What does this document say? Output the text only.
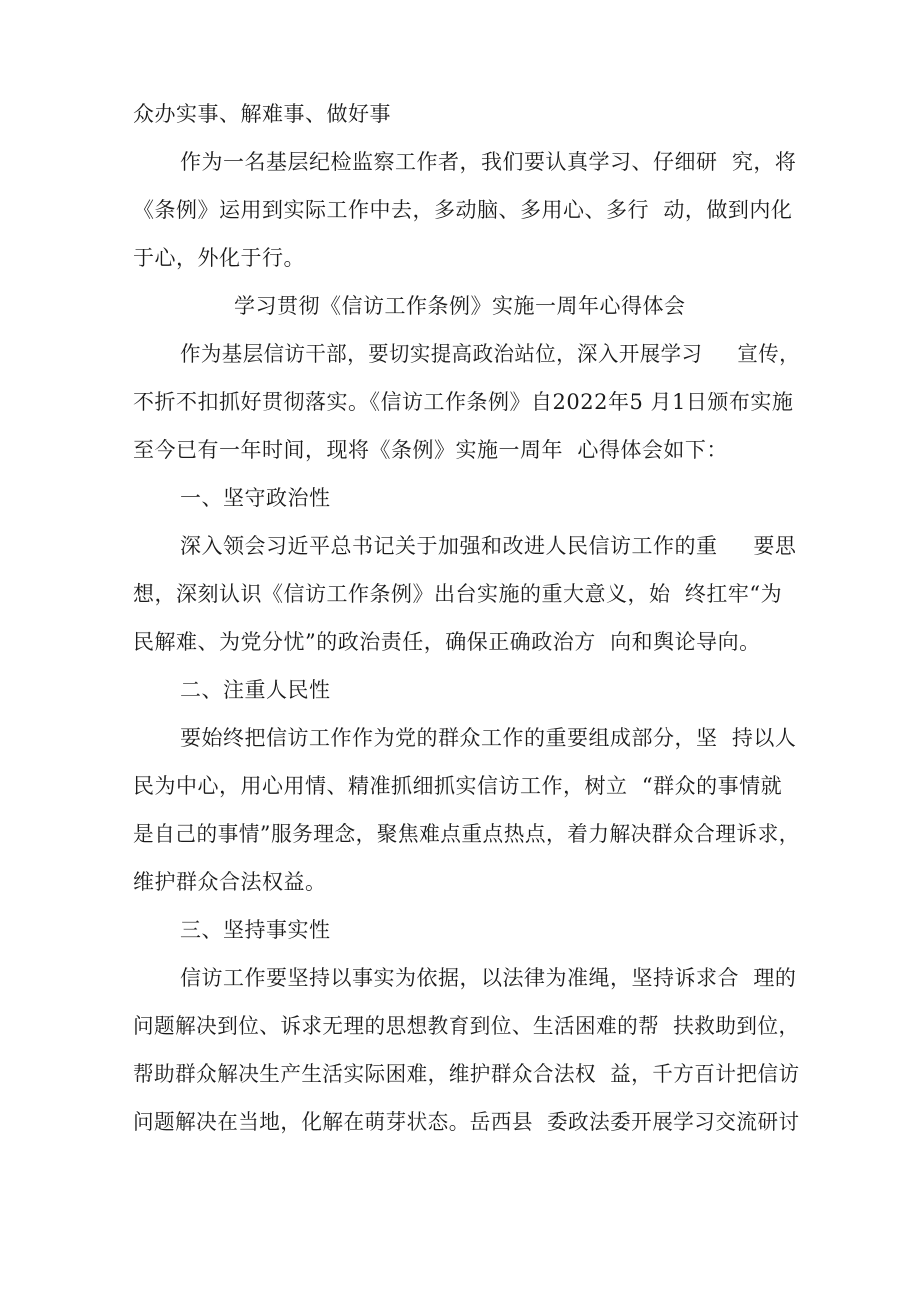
众办实事、解难事、做好事
作为一名基层纪检监察工作者，我们要认真学习、仔细研  究，将
《条例》运用到实际工作中去，多动脑、多用心、多行  动，做到内化
于心，外化于行。
学习贯彻《信访工作条例》实施一周年心得体会
作为基层信访干部，要切实提高政治站位，深入开展学习     宣传，
不折不扣抓好贯彻落实。《信访工作条例》自2022年5 月1日颁布实施
至今已有一年时间，现将《条例》实施一周年  心得体会如下：
一、坚守政治性
深入领会习近平总书记关于加强和改进人民信访工作的重     要思
想，深刻认识《信访工作条例》出台实施的重大意义，始  终扛牢“为
民解难、为党分忧”的政治责任，确保正确政治方  向和舆论导向。
二、注重人民性
要始终把信访工作作为党的群众工作的重要组成部分，坚  持以人
民为中心，用心用情、精准抓细抓实信访工作，树立  “群众的事情就
是自己的事情”服务理念，聚焦难点重点热点，着力解决群众合理诉求，
维护群众合法权益。
三、坚持事实性
信访工作要坚持以事实为依据，以法律为准绳，坚持诉求合  理的
问题解决到位、诉求无理的思想教育到位、生活困难的帮  扶救助到位，
帮助群众解决生产生活实际困难，维护群众合法权  益，千方百计把信访
问题解决在当地，化解在萌芽状态。岳西县  委政法委开展学习交流研讨
